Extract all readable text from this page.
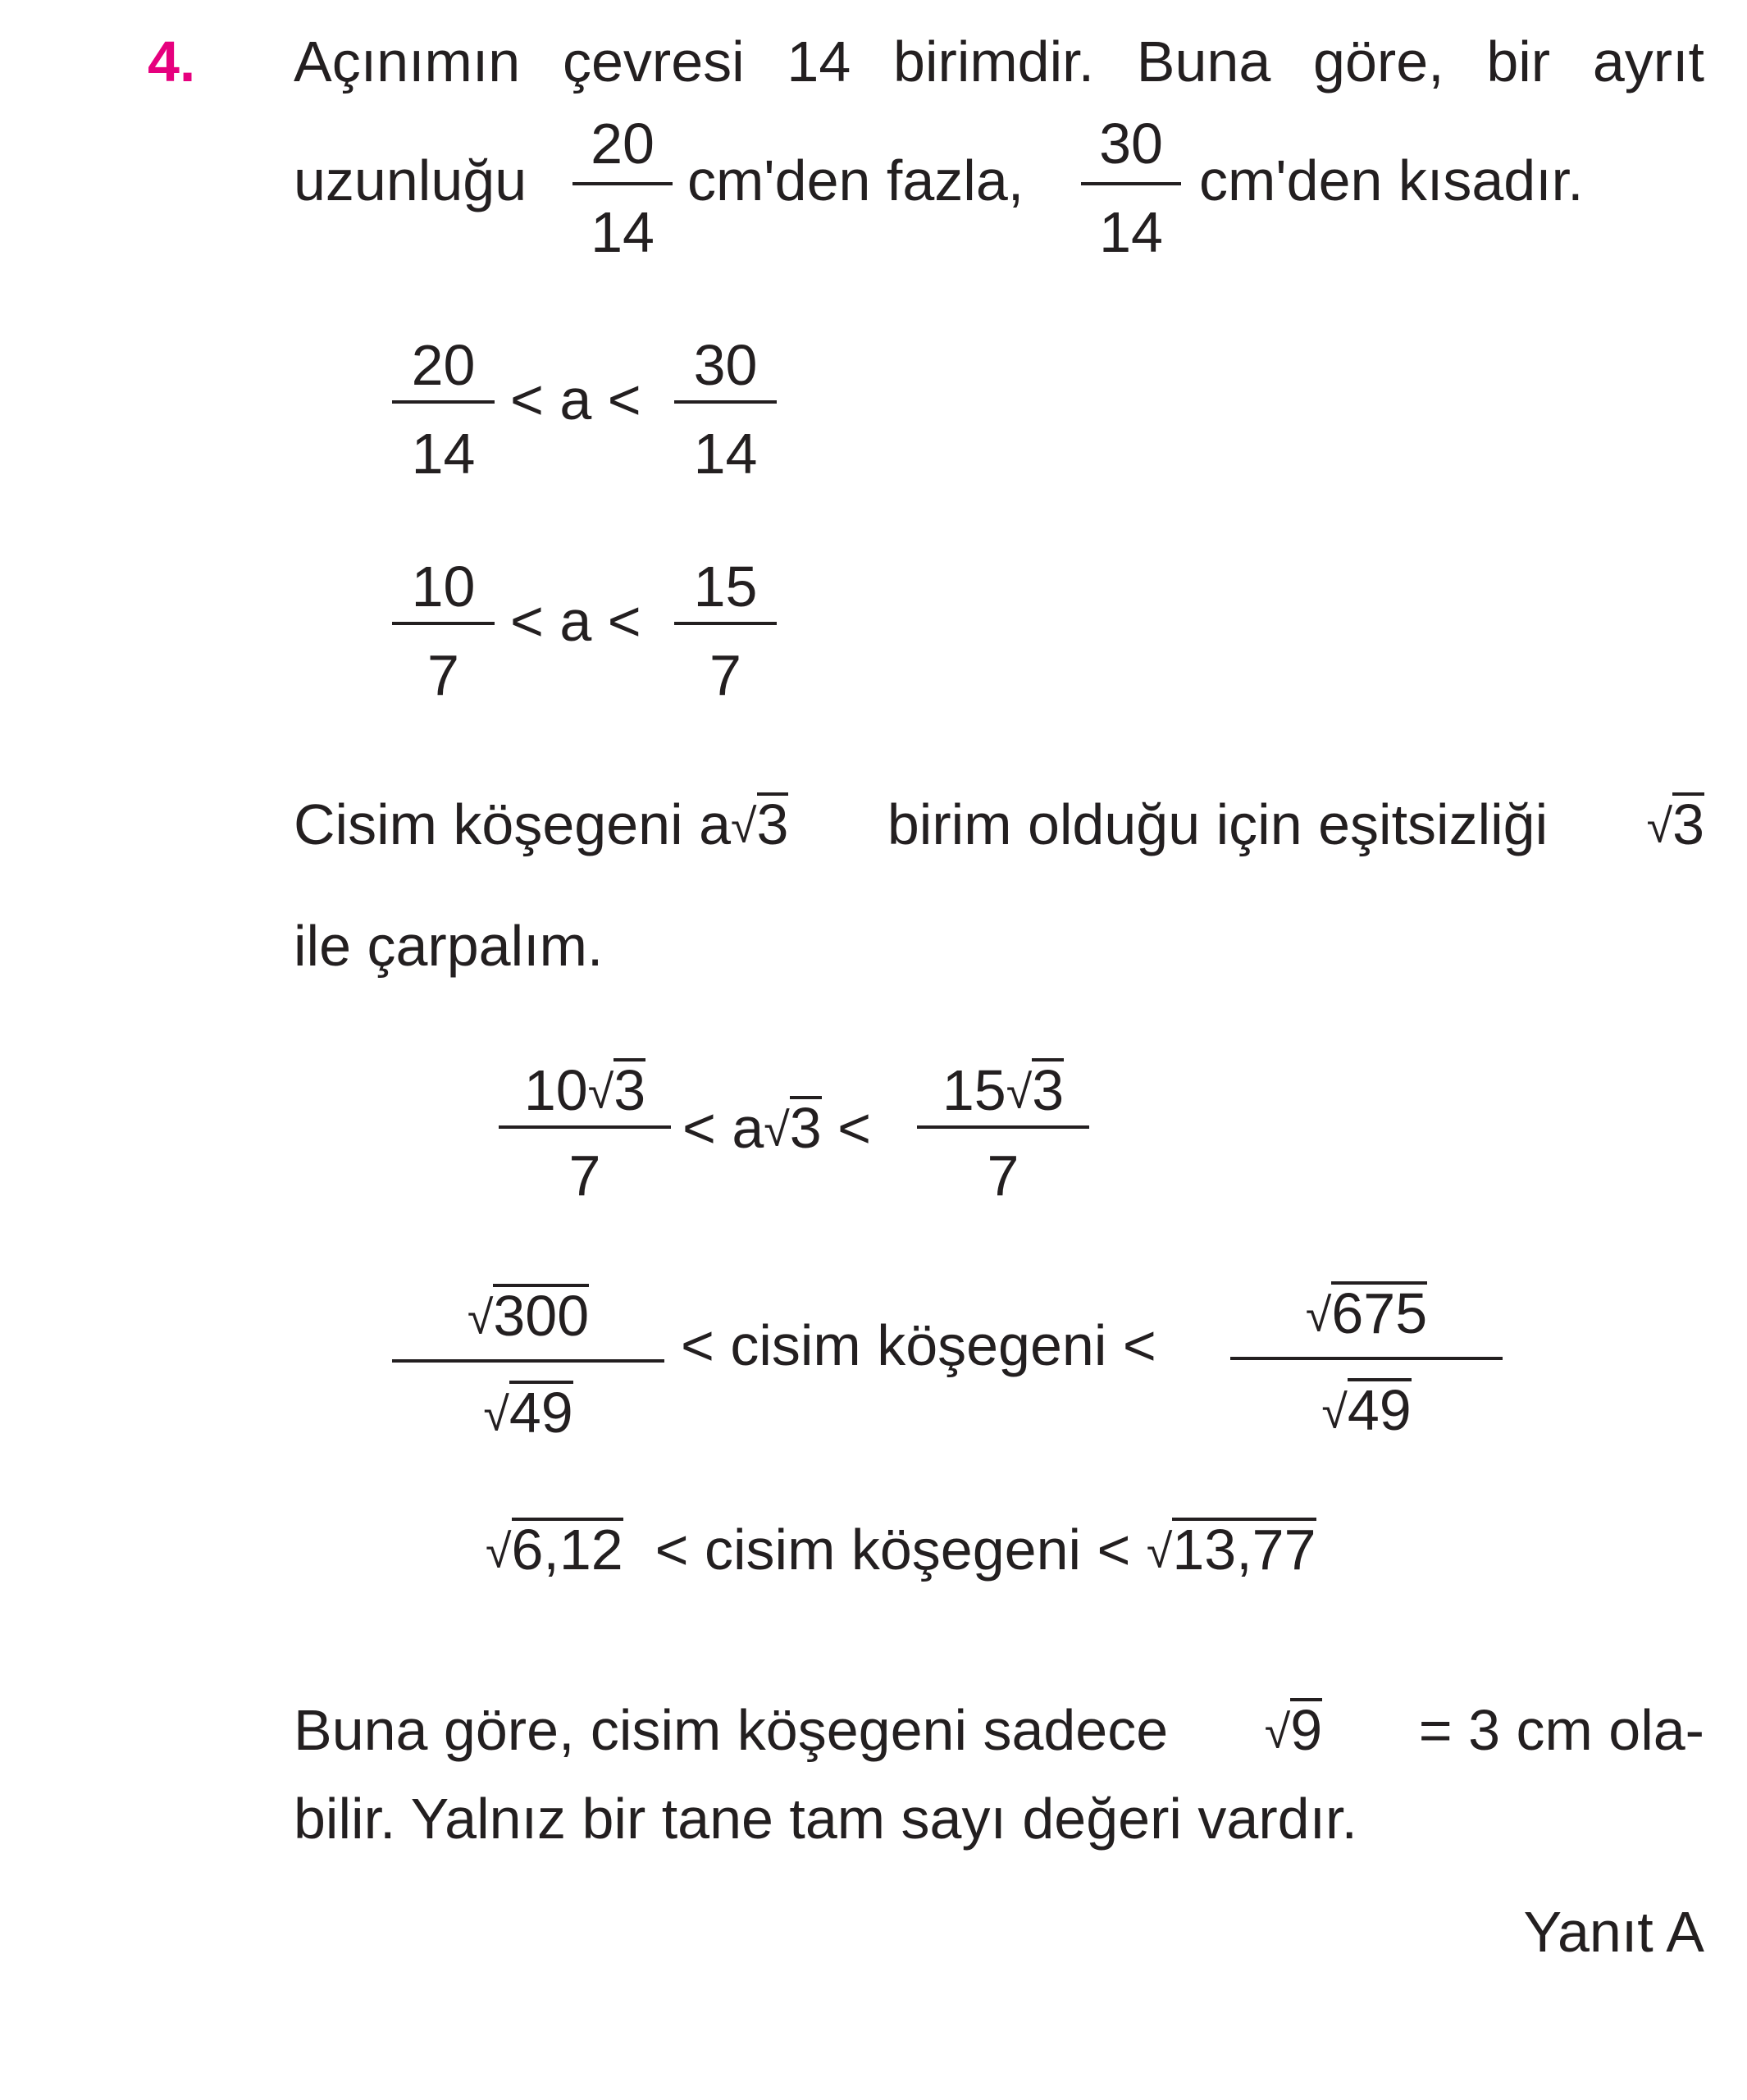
4. Açınımın çevresi 14 birimdir. Buna göre, bir ayrıt
uzunluğu
20
14
cm'den fazla,
30
14
cm'den kısadır.
20
14
< a <
30
14
10
7
< a <
15
7
Cisim köşegeni a √3 birim olduğu için eşitsizliği √3
ile çarpalım.
10√3
7
< a√3 <
15√3
7
√300
√49
< cisim köşegeni <	√675
√49
√6,12 < cisim köşegeni < √13,77
Buna göre, cisim köşegeni sadece √9 = 3 cm ola-
bilir. Yalnız bir tane tam sayı değeri vardır.
Yanıt A
